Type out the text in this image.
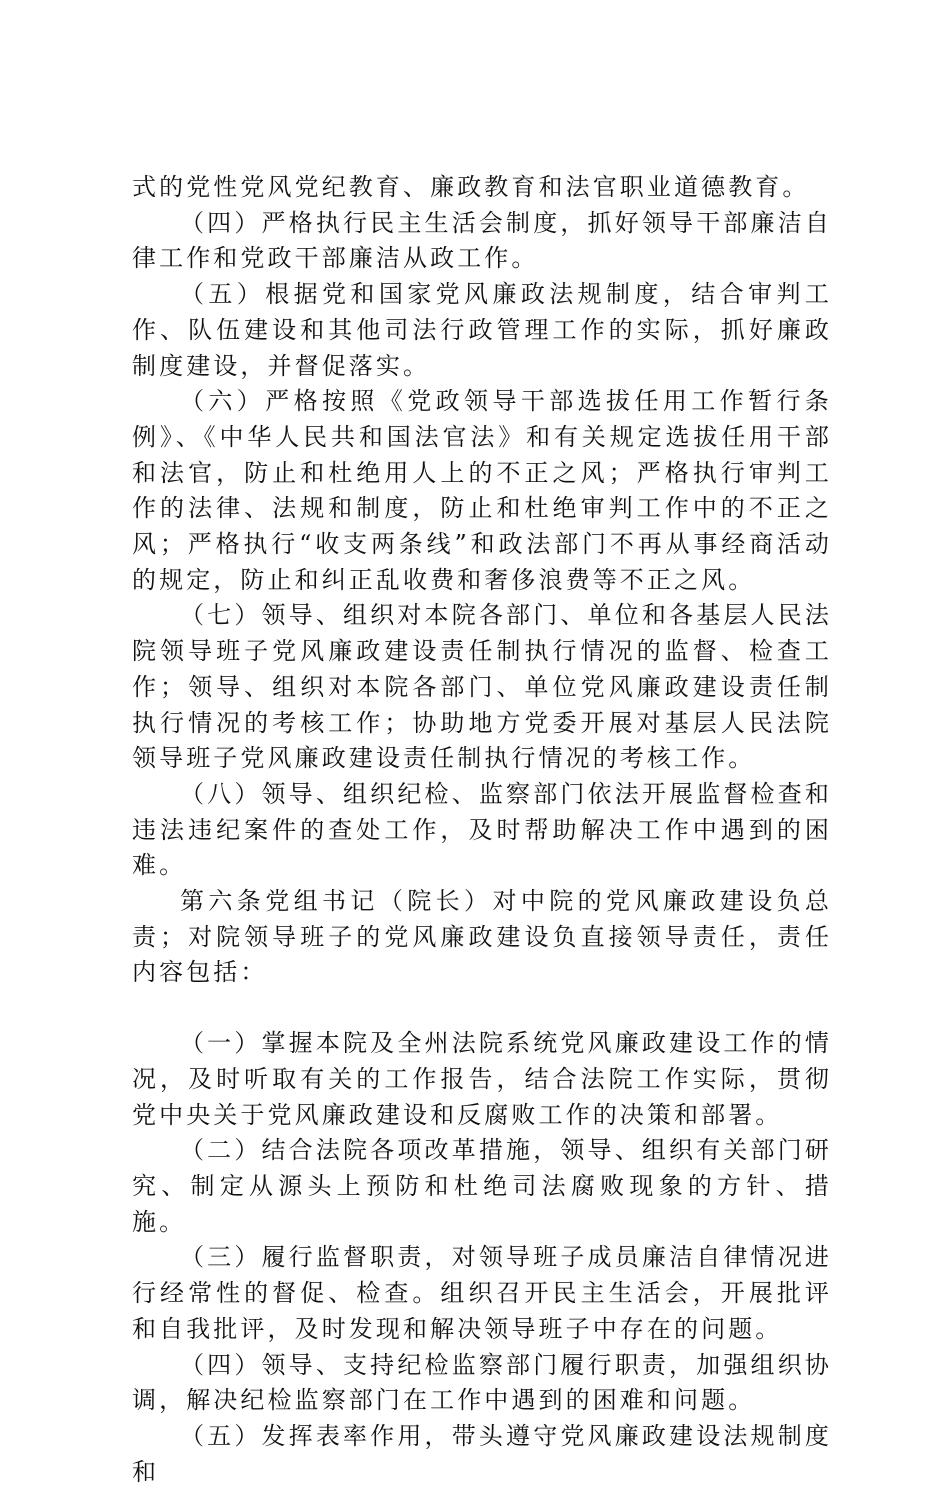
式的党性党风党纪教育、廉政教育和法官职业道德教育。

（四）严格执行民主生活会制度，抓好领导干部廉洁自律工作和党政干部廉洁从政工作。

（五）根据党和国家党风廉政法规制度，结合审判工作、队伍建设和其他司法行政管理工作的实际，抓好廉政制度建设，并督促落实。

（六）严格按照《党政领导干部选拔任用工作暂行条例》、《中华人民共和国法官法》和有关规定选拔任用干部和法官，防止和杜绝用人上的不正之风；严格执行审判工作的法律、法规和制度，防止和杜绝审判工作中的不正之风；严格执行“收支两条线”和政法部门不再从事经商活动的规定，防止和纠正乱收费和奢侈浪费等不正之风。

（七）领导、组织对本院各部门、单位和各基层人民法院领导班子党风廉政建设责任制执行情况的监督、检查工作；领导、组织对本院各部门、单位党风廉政建设责任制执行情况的考核工作；协助地方党委开展对基层人民法院领导班子党风廉政建设责任制执行情况的考核工作。

（八）领导、组织纪检、监察部门依法开展监督检查和违法违纪案件的查处工作，及时帮助解决工作中遇到的困难。

第六条党组书记（院长）对中院的党风廉政建设负总责；对院领导班子的党风廉政建设负直接领导责任，责任内容包括：

（一）掌握本院及全州法院系统党风廉政建设工作的情况，及时听取有关的工作报告，结合法院工作实际，贯彻党中央关于党风廉政建设和反腐败工作的决策和部署。

（二）结合法院各项改革措施，领导、组织有关部门研究、制定从源头上预防和杜绝司法腐败现象的方针、措施。

（三）履行监督职责，对领导班子成员廉洁自律情况进行经常性的督促、检查。组织召开民主生活会，开展批评和自我批评，及时发现和解决领导班子中存在的问题。

（四）领导、支持纪检监察部门履行职责，加强组织协调，解决纪检监察部门在工作中遇到的困难和问题。

（五）发挥表率作用，带头遵守党风廉政建设法规制度和
